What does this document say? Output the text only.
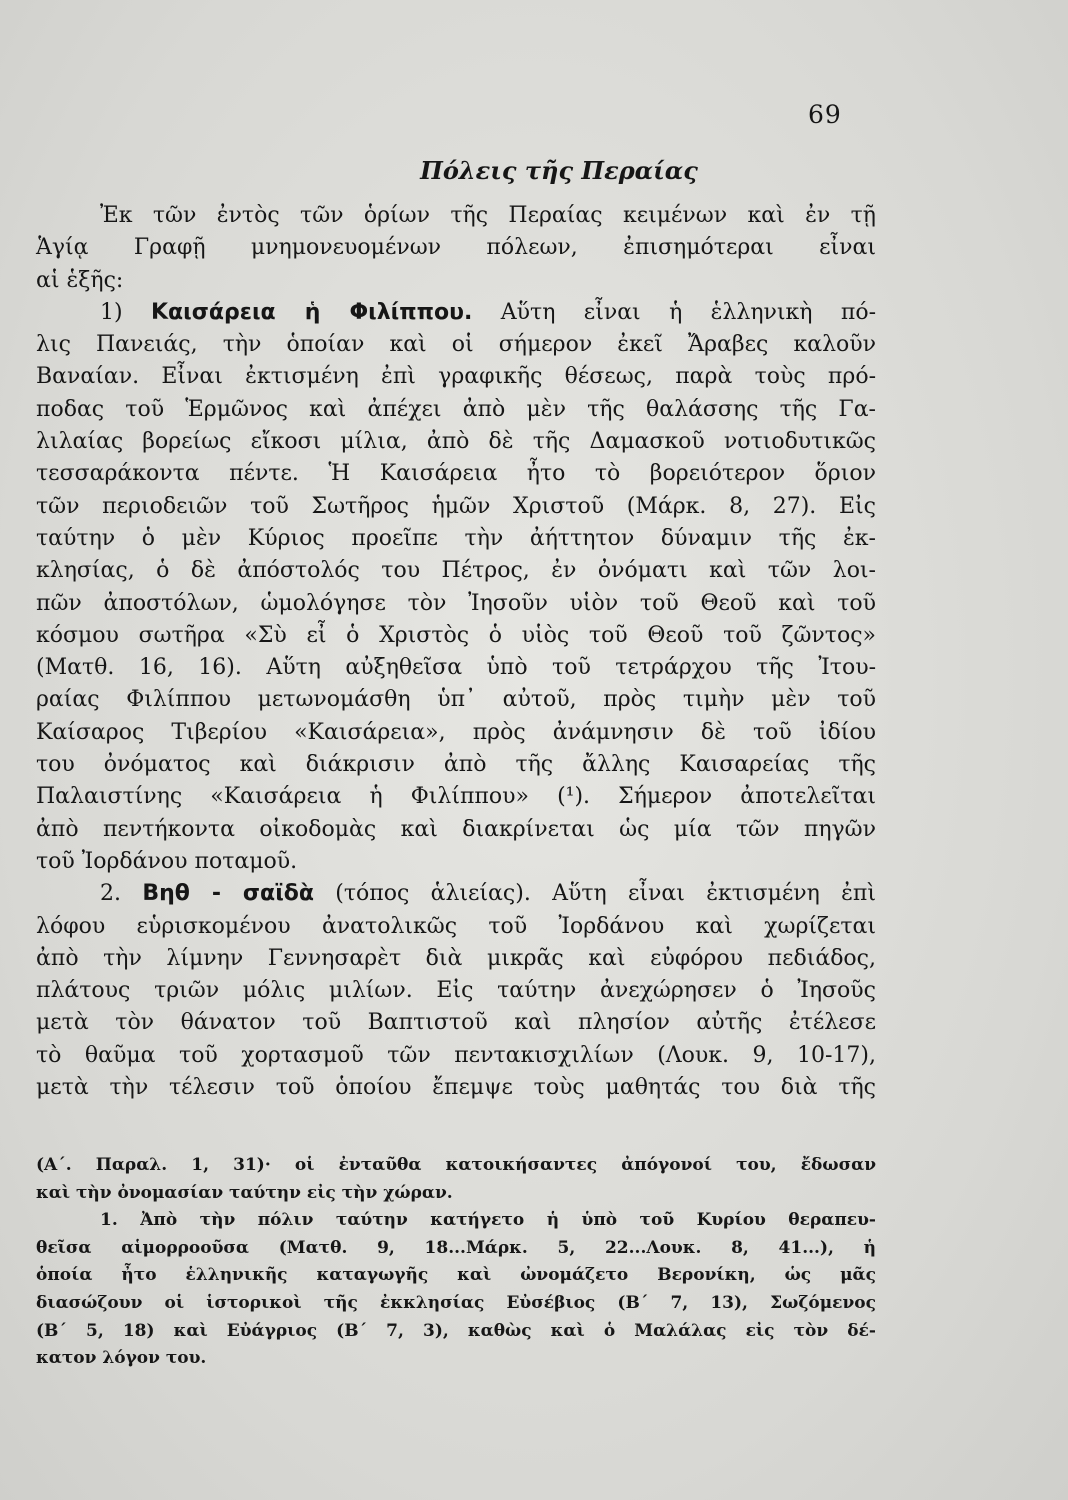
69
Πόλεις τῆς Περαίας
Ἐκ τῶν ἐντὸς τῶν ὁρίων τῆς Περαίας κειμένων καὶ ἐν τῇ
Ἁγίᾳ Γραφῇ μνημονευομένων πόλεων, ἐπισημότεραι εἶναι
αἱ ἑξῆς:
1) Καισάρεια ἡ Φιλίππου. Αὕτη εἶναι ἡ ἑλληνικὴ πό-
λις Πανειάς, τὴν ὁποίαν καὶ οἱ σήμερον ἐκεῖ Ἄραβες καλοῦν
Βαναίαν. Εἶναι ἐκτισμένη ἐπὶ γραφικῆς θέσεως, παρὰ τοὺς πρό-
ποδας τοῦ Ἑρμῶνος καὶ ἀπέχει ἀπὸ μὲν τῆς θαλάσσης τῆς Γα-
λιλαίας βορείως εἴκοσι μίλια, ἀπὸ δὲ τῆς Δαμασκοῦ νοτιοδυτικῶς
τεσσαράκοντα πέντε. Ἡ Καισάρεια ἦτο τὸ βορειότερον ὅριον
τῶν περιοδειῶν τοῦ Σωτῆρος ἡμῶν Χριστοῦ (Μάρκ. 8, 27). Εἰς
ταύτην ὁ μὲν Κύριος προεῖπε τὴν ἀήττητον δύναμιν τῆς ἐκ-
κλησίας, ὁ δὲ ἀπόστολός του Πέτρος, ἐν ὀνόματι καὶ τῶν λοι-
πῶν ἀποστόλων, ὡμολόγησε τὸν Ἰησοῦν υἱὸν τοῦ Θεοῦ καὶ τοῦ
κόσμου σωτῆρα «Σὺ εἶ ὁ Χριστὸς ὁ υἱὸς τοῦ Θεοῦ τοῦ ζῶντος»
(Ματθ. 16, 16). Αὕτη αὐξηθεῖσα ὑπὸ τοῦ τετράρχου τῆς Ἰτου-
ραίας Φιλίππου μετωνομάσθη ὑπ᾽ αὐτοῦ, πρὸς τιμὴν μὲν τοῦ
Καίσαρος Τιβερίου «Καισάρεια», πρὸς ἀνάμνησιν δὲ τοῦ ἰδίου
του ὀνόματος καὶ διάκρισιν ἀπὸ τῆς ἄλλης Καισαρείας τῆς
Παλαιστίνης «Καισάρεια ἡ Φιλίππου» (¹). Σήμερον ἀποτελεῖται
ἀπὸ πεντήκοντα οἰκοδομὰς καὶ διακρίνεται ὡς μία τῶν πηγῶν
τοῦ Ἰορδάνου ποταμοῦ.
2. Βηθ - σαϊδὰ (τόπος ἁλιείας). Αὕτη εἶναι ἐκτισμένη ἐπὶ
λόφου εὑρισκομένου ἀνατολικῶς τοῦ Ἰορδάνου καὶ χωρίζεται
ἀπὸ τὴν λίμνην Γεννησαρὲτ διὰ μικρᾶς καὶ εὐφόρου πεδιάδος,
πλάτους τριῶν μόλις μιλίων. Εἰς ταύτην ἀνεχώρησεν ὁ Ἰησοῦς
μετὰ τὸν θάνατον τοῦ Βαπτιστοῦ καὶ πλησίον αὐτῆς ἐτέλεσε
τὸ θαῦμα τοῦ χορτασμοῦ τῶν πεντακισχιλίων (Λουκ. 9, 10-17),
μετὰ τὴν τέλεσιν τοῦ ὁποίου ἔπεμψε τοὺς μαθητάς του διὰ τῆς
(Α΄. Παραλ. 1, 31)· οἱ ἐνταῦθα κατοικήσαντες ἀπόγονοί του, ἔδωσαν
καὶ τὴν ὀνομασίαν ταύτην εἰς τὴν χώραν.
1. Ἀπὸ τὴν πόλιν ταύτην κατήγετο ἡ ὑπὸ τοῦ Κυρίου θεραπευ-
θεῖσα αἱμορροοῦσα (Ματθ. 9, 18...Μάρκ. 5, 22...Λουκ. 8, 41...), ἡ
ὁποία ἦτο ἑλληνικῆς καταγωγῆς καὶ ὠνομάζετο Βερονίκη, ὡς μᾶς
διασώζουν οἱ ἱστορικοὶ τῆς ἐκκλησίας Εὐσέβιος (Β΄ 7, 13), Σωζόμενος
(Β΄ 5, 18) καὶ Εὐάγριος (Β΄ 7, 3), καθὼς καὶ ὁ Μαλάλας εἰς τὸν δέ-
κατον λόγον του.
